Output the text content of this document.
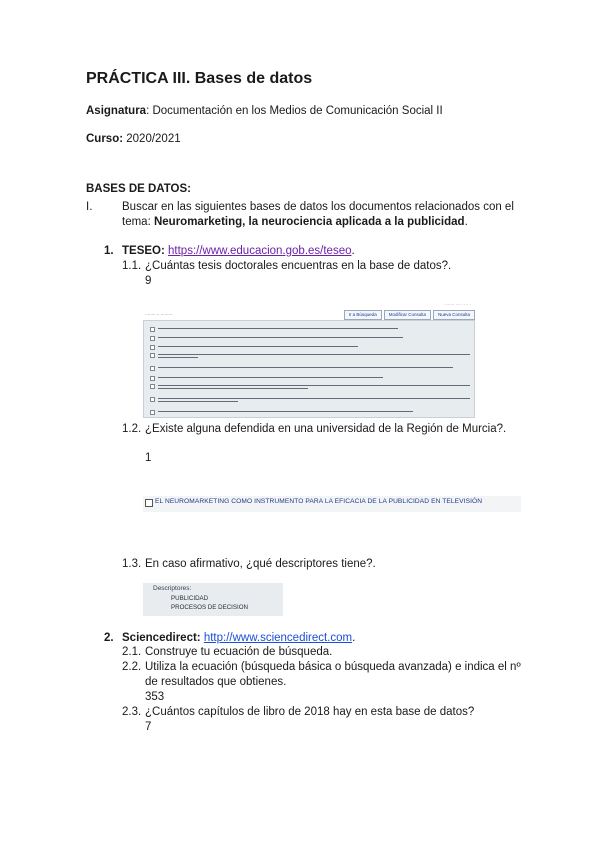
PRÁCTICA III. Bases de datos
Asignatura: Documentación en los Medios de Comunicación Social II
Curso: 2020/2021
BASES DE DATOS:
I.	Buscar en las siguientes bases de datos los documentos relacionados con el
tema: Neuromarketing, la neurociencia aplicada a la publicidad.
1. TESEO: https://www.educacion.gob.es/teseo.
1.1. ¿Cuántas tesis doctorales encuentras en la base de datos?.
9
········ ···· ·· ·· ·
········ ·· ·········	Ir a Búsqueda	Modificar Consulta	Nueva Consulta
1.2. ¿Existe alguna defendida en una universidad de la Región de Murcia?.
1
EL NEUROMARKETING COMO INSTRUMENTO PARA LA EFICACIA DE LA PUBLICIDAD EN TELEVISIÓN
1.3. En caso afirmativo, ¿qué descriptores tiene?.
Descriptores:
PUBLICIDAD
PROCESOS DE DECISION
2. Sciencedirect: http://www.sciencedirect.com.
2.1. Construye tu ecuación de búsqueda.
2.2. Utiliza la ecuación (búsqueda básica o búsqueda avanzada) e indica el nº
de resultados que obtienes.
353
2.3. ¿Cuántos capítulos de libro de 2018 hay en esta base de datos?
7
